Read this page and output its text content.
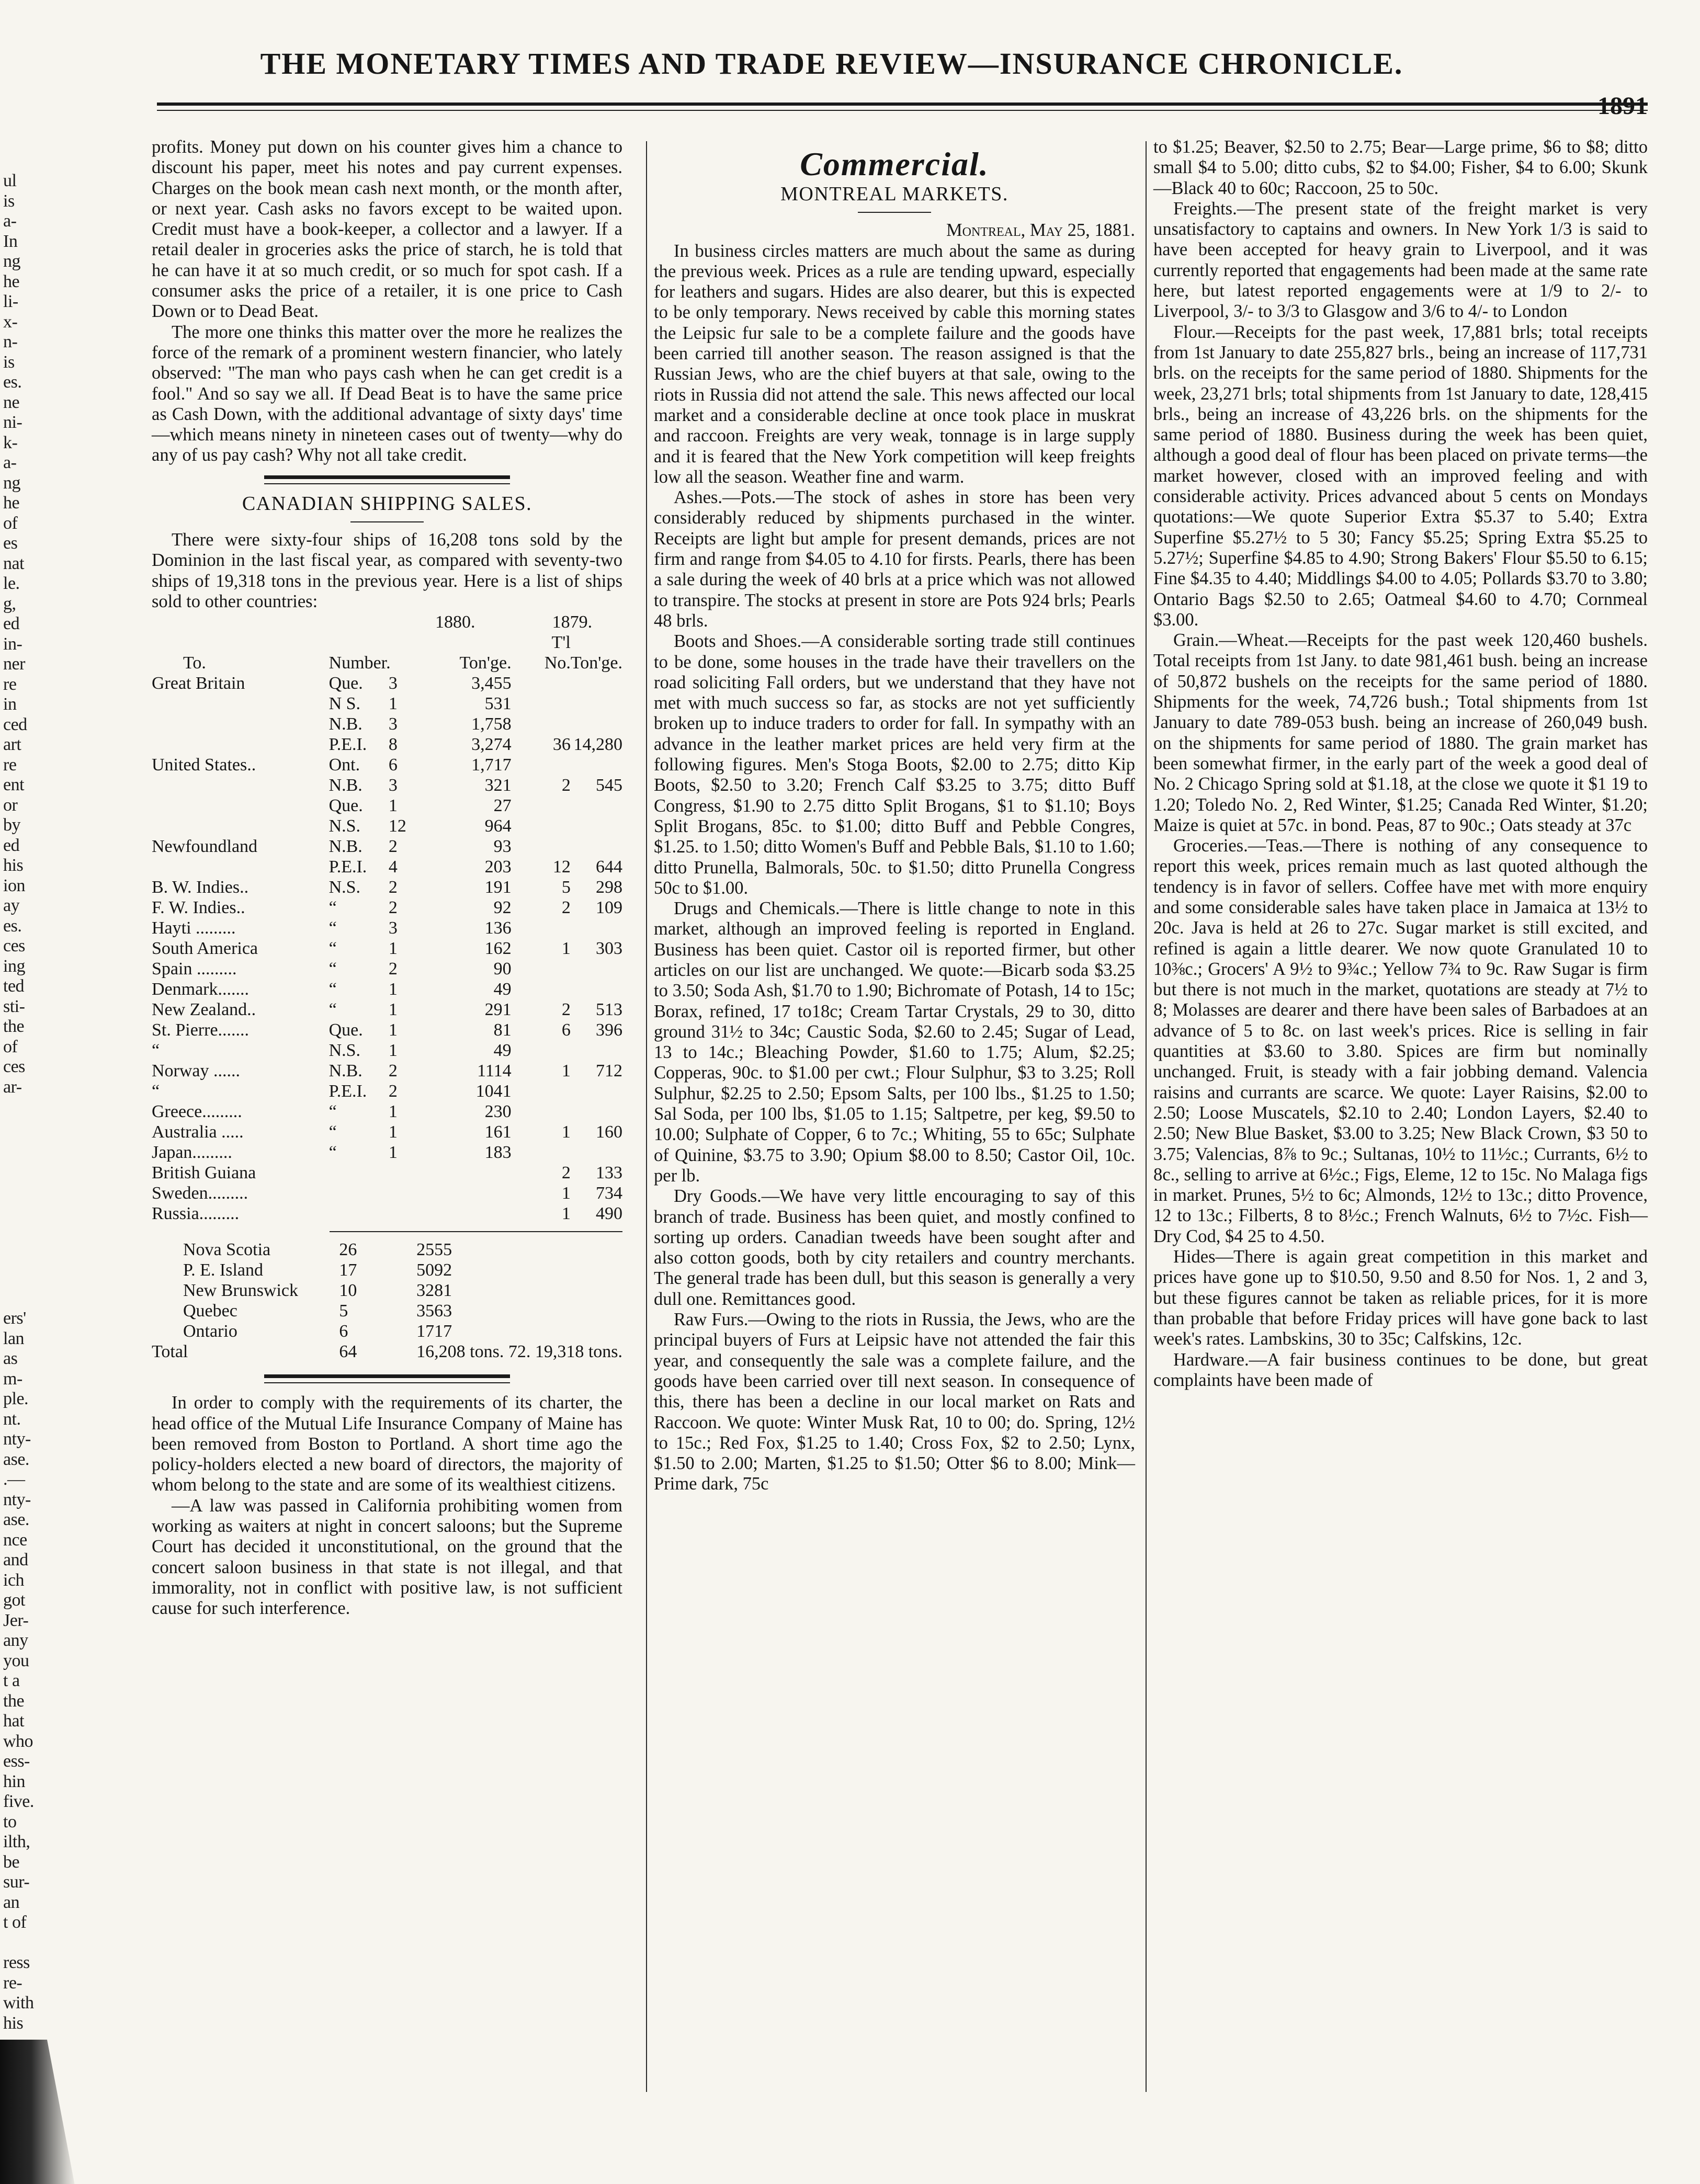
ul
is
a-
In
ng
he
li-
x-
n-
is
es.
ne
ni-
k-
a-
ng
he
of
es
nat
le.
g,
ed
in-
ner
re
in
ced
art
re
ent
or
by
ed
his
ion
ay
es.
ces
ing
ted
sti-
the
of
ces
ar-

ers'
lan
as
m-
ple.
nt.
nty-
ase.
.—
nty-
ase.
nce
and
ich
got
Jer-
any
you
t a
the
hat
who
ess-
hin
five.
to
ilth,
be
sur-
an
t of

ress
re-
with
his

THE MONETARY TIMES AND TRADE REVIEW—INSURANCE CHRONICLE.
1891

profits. Money put down on his counter gives him a chance to discount his paper, meet his notes and pay current expenses. Charges on the book mean cash next month, or the month after, or next year. Cash asks no favors except to be waited upon. Credit must have a book-keeper, a collector and a lawyer. If a retail dealer in groceries asks the price of starch, he is told that he can have it at so much credit, or so much for spot cash. If a consumer asks the price of a retailer, it is one price to Cash Down or to Dead Beat.

The more one thinks this matter over the more he realizes the force of the remark of a prominent western financier, who lately observed: "The man who pays cash when he can get credit is a fool." And so say we all. If Dead Beat is to have the same price as Cash Down, with the additional advantage of sixty days' time—which means ninety in nineteen cases out of twenty—why do any of us pay cash? Why not all take credit.

CANADIAN SHIPPING SALES.

There were sixty-four ships of 16,208 tons sold by the Dominion in the last fiscal year, as compared with seventy-two ships of 19,318 tons in the previous year. Here is a list of ships sold to other countries:

		1880.		1879.	
				T'l	
To.	Number.		Ton'ge.	No.	Ton'ge.
Great Britain	Que.	3	3,455		
	N S.	1	531		
	N.B.	3	1,758		
	P.E.I.	8	3,274	36	14,280
United States..	Ont.	6	1,717		
	N.B.	3	321	2	545
	Que.	1	27		
	N.S.	12	964		
Newfoundland	N.B.	2	93		
	P.E.I.	4	203	12	644
B. W. Indies..	N.S.	2	191	5	298
F. W. Indies..	“	2	92	2	109
Hayti .........	“	3	136		
South America	“	1	162	1	303
Spain .........	“	2	90		
Denmark.......	“	1	49		
New Zealand..	“	1	291	2	513
St. Pierre.......	Que.	1	81	6	396
“	N.S.	1	49		
Norway ......	N.B.	2	1114	1	712
“	P.E.I.	2	1041		
Greece.........	“	1	230		
Australia .....	“	1	161	1	160
Japan.........	“	1	183		
British Guiana				2	133
Sweden.........				1	734
Russia.........				1	490
Nova Scotia	26	2555
P. E. Island	17	5092
New Brunswick	10	3281
Quebec	5	3563
Ontario	6	1717
Total	64	16,208 tons. 72. 19,318 tons.

In order to comply with the requirements of its charter, the head office of the Mutual Life Insurance Company of Maine has been removed from Boston to Portland. A short time ago the policy-holders elected a new board of directors, the majority of whom belong to the state and are some of its wealthiest citizens.

—A law was passed in California prohibiting women from working as waiters at night in concert saloons; but the Supreme Court has decided it unconstitutional, on the ground that the concert saloon business in that state is not illegal, and that immorality, not in conflict with positive law, is not sufficient cause for such interference.

Commercial.

MONTREAL MARKETS.

Montreal, May 25, 1881.

In business circles matters are much about the same as during the previous week. Prices as a rule are tending upward, especially for leathers and sugars. Hides are also dearer, but this is expected to be only temporary. News received by cable this morning states the Leipsic fur sale to be a complete failure and the goods have been carried till another season. The reason assigned is that the Russian Jews, who are the chief buyers at that sale, owing to the riots in Russia did not attend the sale. This news affected our local market and a considerable decline at once took place in muskrat and raccoon. Freights are very weak, tonnage is in large supply and it is feared that the New York competition will keep freights low all the season. Weather fine and warm.

Ashes.—Pots.—The stock of ashes in store has been very considerably reduced by shipments purchased in the winter. Receipts are light but ample for present demands, prices are not firm and range from $4.05 to 4.10 for firsts. Pearls, there has been a sale during the week of 40 brls at a price which was not allowed to transpire. The stocks at present in store are Pots 924 brls; Pearls 48 brls.

Boots and Shoes.—A considerable sorting trade still continues to be done, some houses in the trade have their travellers on the road soliciting Fall orders, but we understand that they have not met with much success so far, as stocks are not yet sufficiently broken up to induce traders to order for fall. In sympathy with an advance in the leather market prices are held very firm at the following figures. Men's Stoga Boots, $2.00 to 2.75; ditto Kip Boots, $2.50 to 3.20; French Calf $3.25 to 3.75; ditto Buff Congress, $1.90 to 2.75 ditto Split Brogans, $1 to $1.10; Boys Split Brogans, 85c. to $1.00; ditto Buff and Pebble Congres, $1.25. to 1.50; ditto Women's Buff and Pebble Bals, $1.10 to 1.60; ditto Prunella, Balmorals, 50c. to $1.50; ditto Prunella Congress 50c to $1.00.

Drugs and Chemicals.—There is little change to note in this market, although an improved feeling is reported in England. Business has been quiet. Castor oil is reported firmer, but other articles on our list are unchanged. We quote:—Bicarb soda $3.25 to 3.50; Soda Ash, $1.70 to 1.90; Bichromate of Potash, 14 to 15c; Borax, refined, 17 to18c; Cream Tartar Crystals, 29 to 30, ditto ground 31½ to 34c; Caustic Soda, $2.60 to 2.45; Sugar of Lead, 13 to 14c.; Bleaching Powder, $1.60 to 1.75; Alum, $2.25; Copperas, 90c. to $1.00 per cwt.; Flour Sulphur, $3 to 3.25; Roll Sulphur, $2.25 to 2.50; Epsom Salts, per 100 lbs., $1.25 to 1.50; Sal Soda, per 100 lbs, $1.05 to 1.15; Saltpetre, per keg, $9.50 to 10.00; Sulphate of Copper, 6 to 7c.; Whiting, 55 to 65c; Sulphate of Quinine, $3.75 to 3.90; Opium $8.00 to 8.50; Castor Oil, 10c. per lb.

Dry Goods.—We have very little encouraging to say of this branch of trade. Business has been quiet, and mostly confined to sorting up orders. Canadian tweeds have been sought after and also cotton goods, both by city retailers and country merchants. The general trade has been dull, but this season is generally a very dull one. Remittances good.

Raw Furs.—Owing to the riots in Russia, the Jews, who are the principal buyers of Furs at Leipsic have not attended the fair this year, and consequently the sale was a complete failure, and the goods have been carried over till next season. In consequence of this, there has been a decline in our local market on Rats and Raccoon. We quote: Winter Musk Rat, 10 to 00; do. Spring, 12½ to 15c.; Red Fox, $1.25 to 1.40; Cross Fox, $2 to 2.50; Lynx, $1.50 to 2.00; Marten, $1.25 to $1.50; Otter $6 to 8.00; Mink—Prime dark, 75c

to $1.25; Beaver, $2.50 to 2.75; Bear—Large prime, $6 to $8; ditto small $4 to 5.00; ditto cubs, $2 to $4.00; Fisher, $4 to 6.00; Skunk—Black 40 to 60c; Raccoon, 25 to 50c.

Freights.—The present state of the freight market is very unsatisfactory to captains and owners. In New York 1/3 is said to have been accepted for heavy grain to Liverpool, and it was currently reported that engagements had been made at the same rate here, but latest reported engagements were at 1/9 to 2/- to Liverpool, 3/- to 3/3 to Glasgow and 3/6 to 4/- to London

Flour.—Receipts for the past week, 17,881 brls; total receipts from 1st January to date 255,827 brls., being an increase of 117,731 brls. on the receipts for the same period of 1880. Shipments for the week, 23,271 brls; total shipments from 1st January to date, 128,415 brls., being an increase of 43,226 brls. on the shipments for the same period of 1880. Business during the week has been quiet, although a good deal of flour has been placed on private terms—the market however, closed with an improved feeling and with considerable activity. Prices advanced about 5 cents on Mondays quotations:—We quote Superior Extra $5.37 to 5.40; Extra Superfine $5.27½ to 5 30; Fancy $5.25; Spring Extra $5.25 to 5.27½; Superfine $4.85 to 4.90; Strong Bakers' Flour $5.50 to 6.15; Fine $4.35 to 4.40; Middlings $4.00 to 4.05; Pollards $3.70 to 3.80; Ontario Bags $2.50 to 2.65; Oatmeal $4.60 to 4.70; Cornmeal $3.00.

Grain.—Wheat.—Receipts for the past week 120,460 bushels. Total receipts from 1st Jany. to date 981,461 bush. being an increase of 50,872 bushels on the receipts for the same period of 1880. Shipments for the week, 74,726 bush.; Total shipments from 1st January to date 789-053 bush. being an increase of 260,049 bush. on the shipments for same period of 1880. The grain market has been somewhat firmer, in the early part of the week a good deal of No. 2 Chicago Spring sold at $1.18, at the close we quote it $1 19 to 1.20; Toledo No. 2, Red Winter, $1.25; Canada Red Winter, $1.20; Maize is quiet at 57c. in bond. Peas, 87 to 90c.; Oats steady at 37c

Groceries.—Teas.—There is nothing of any consequence to report this week, prices remain much as last quoted although the tendency is in favor of sellers. Coffee have met with more enquiry and some considerable sales have taken place in Jamaica at 13½ to 20c. Java is held at 26 to 27c. Sugar market is still excited, and refined is again a little dearer. We now quote Granulated 10 to 10⅜c.; Grocers' A 9½ to 9¾c.; Yellow 7¾ to 9c. Raw Sugar is firm but there is not much in the market, quotations are steady at 7½ to 8; Molasses are dearer and there have been sales of Barbadoes at an advance of 5 to 8c. on last week's prices. Rice is selling in fair quantities at $3.60 to 3.80. Spices are firm but nominally unchanged. Fruit, is steady with a fair jobbing demand. Valencia raisins and currants are scarce. We quote: Layer Raisins, $2.00 to 2.50; Loose Muscatels, $2.10 to 2.40; London Layers, $2.40 to 2.50; New Blue Basket, $3.00 to 3.25; New Black Crown, $3 50 to 3.75; Valencias, 8⅞ to 9c.; Sultanas, 10½ to 11½c.; Currants, 6½ to 8c., selling to arrive at 6½c.; Figs, Eleme, 12 to 15c. No Malaga figs in market. Prunes, 5½ to 6c; Almonds, 12½ to 13c.; ditto Provence, 12 to 13c.; Filberts, 8 to 8½c.; French Walnuts, 6½ to 7½c. Fish—Dry Cod, $4 25 to 4.50.

Hides—There is again great competition in this market and prices have gone up to $10.50, 9.50 and 8.50 for Nos. 1, 2 and 3, but these figures cannot be taken as reliable prices, for it is more than probable that before Friday prices will have gone back to last week's rates. Lambskins, 30 to 35c; Calfskins, 12c.

Hardware.—A fair business continues to be done, but great complaints have been made of
